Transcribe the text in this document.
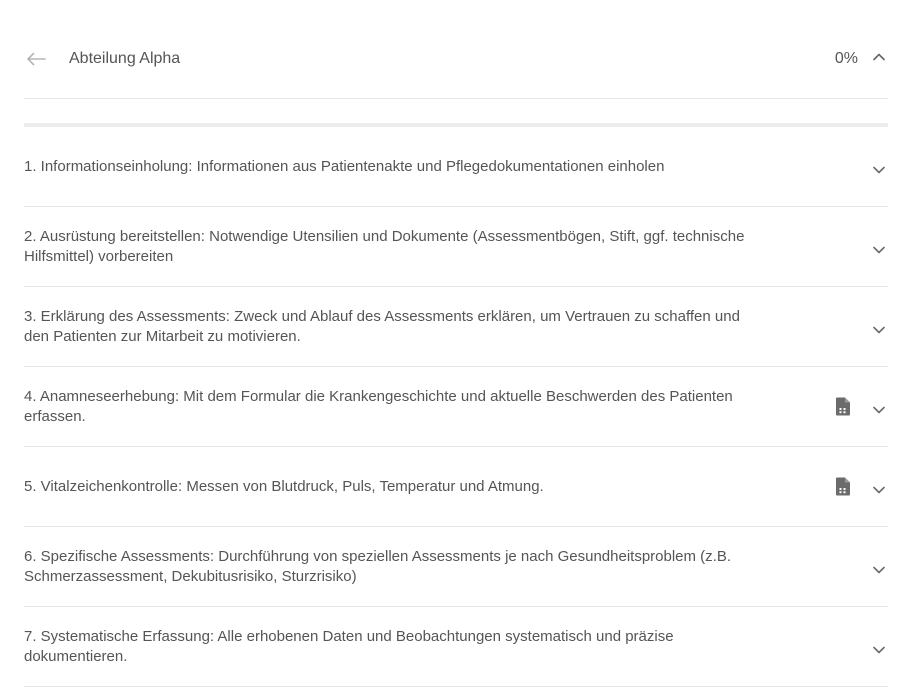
Abteilung Alpha	0%
1. Informationseinholung: Informationen aus Patientenakte und Pflegedokumentationen einholen
2. Ausrüstung bereitstellen: Notwendige Utensilien und Dokumente (Assessmentbögen, Stift, ggf. technische Hilfsmittel) vorbereiten
3. Erklärung des Assessments: Zweck und Ablauf des Assessments erklären, um Vertrauen zu schaffen und den Patienten zur Mitarbeit zu motivieren.
4. Anamneseerhebung: Mit dem Formular die Krankengeschichte und aktuelle Beschwerden des Patienten erfassen.
5. Vitalzeichenkontrolle: Messen von Blutdruck, Puls, Temperatur und Atmung.
6. Spezifische Assessments: Durchführung von speziellen Assessments je nach Gesundheitsproblem (z.B. Schmerzassessment, Dekubitusrisiko, Sturzrisiko)
7. Systematische Erfassung: Alle erhobenen Daten und Beobachtungen systematisch und präzise dokumentieren.
